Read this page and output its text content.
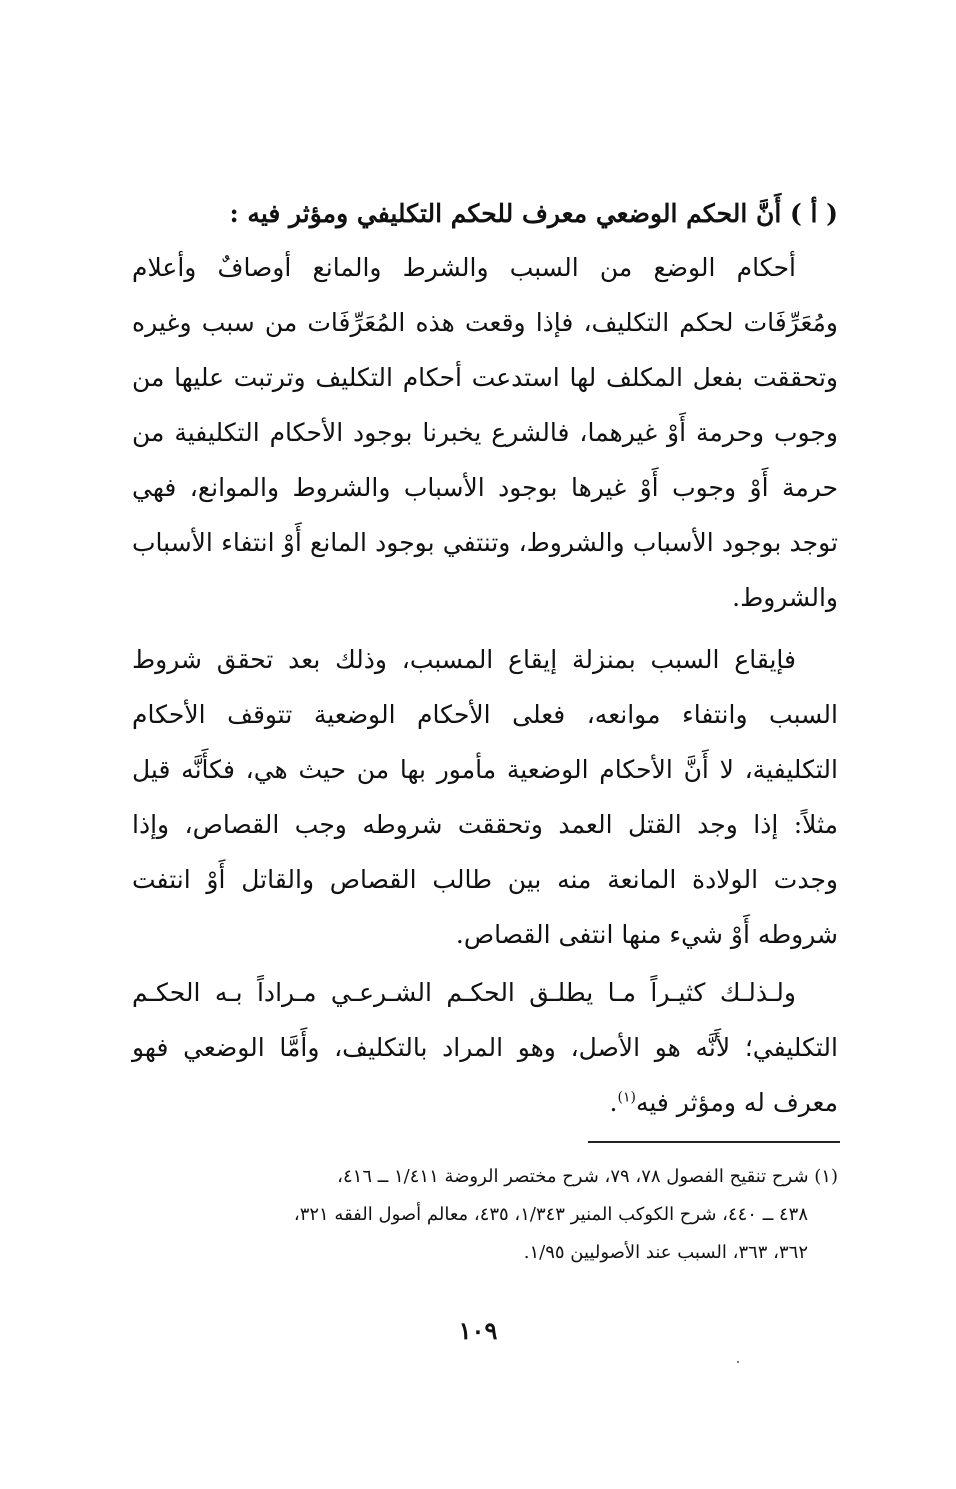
( أ ) أَنَّ الحكم الوضعي معرف للحكم التكليفي ومؤثر فيه :

أحكام الوضع من السبب والشرط والمانع أوصافٌ وأعلام ومُعَرِّفَات لحكم التكليف، فإذا وقعت هذه المُعَرِّفَات من سبب وغيره وتحققت بفعل المكلف لها استدعت أحكام التكليف وترتبت عليها من وجوب وحرمة أَوْ غيرهما، فالشرع يخبرنا بوجود الأحكام التكليفية من حرمة أَوْ وجوب أَوْ غيرها بوجود الأسباب والشروط والموانع، فهي توجد بوجود الأسباب والشروط، وتنتفي بوجود المانع أَوْ انتفاء الأسباب والشروط.

فإيقاع السبب بمنزلة إيقاع المسبب، وذلك بعد تحقق شروط السبب وانتفاء موانعه، فعلى الأحكام الوضعية تتوقف الأحكام التكليفية، لا أَنَّ الأحكام الوضعية مأمور بها من حيث هي، فكأَنَّه قيل مثلاً: إذا وجد القتل العمد وتحققت شروطه وجب القصاص، وإذا وجدت الولادة المانعة منه بين طالب القصاص والقاتل أَوْ انتفت شروطه أَوْ شيء منها انتفى القصاص.

ولـذلـك كثيـراً مـا يطلـق الحكـم الشـرعـي مـراداً بـه الحكـم التكليفي؛ لأَنَّه هو الأصل، وهو المراد بالتكليف، وأَمَّا الوضعي فهو معرف له ومؤثر فيه$^{(١)}$.

(١) شرح تنقيح الفصول ٧٨، ٧٩، شرح مختصر الروضة ١/٤١١ ــ ٤١٦،
٤٣٨ ــ ٤٤٠، شرح الكوكب المنير ١/٣٤٣، ٤٣٥، معالم أصول الفقه ٣٢١،
٣٦٢، ٣٦٣، السبب عند الأصوليين ١/٩٥.
١٠٩
